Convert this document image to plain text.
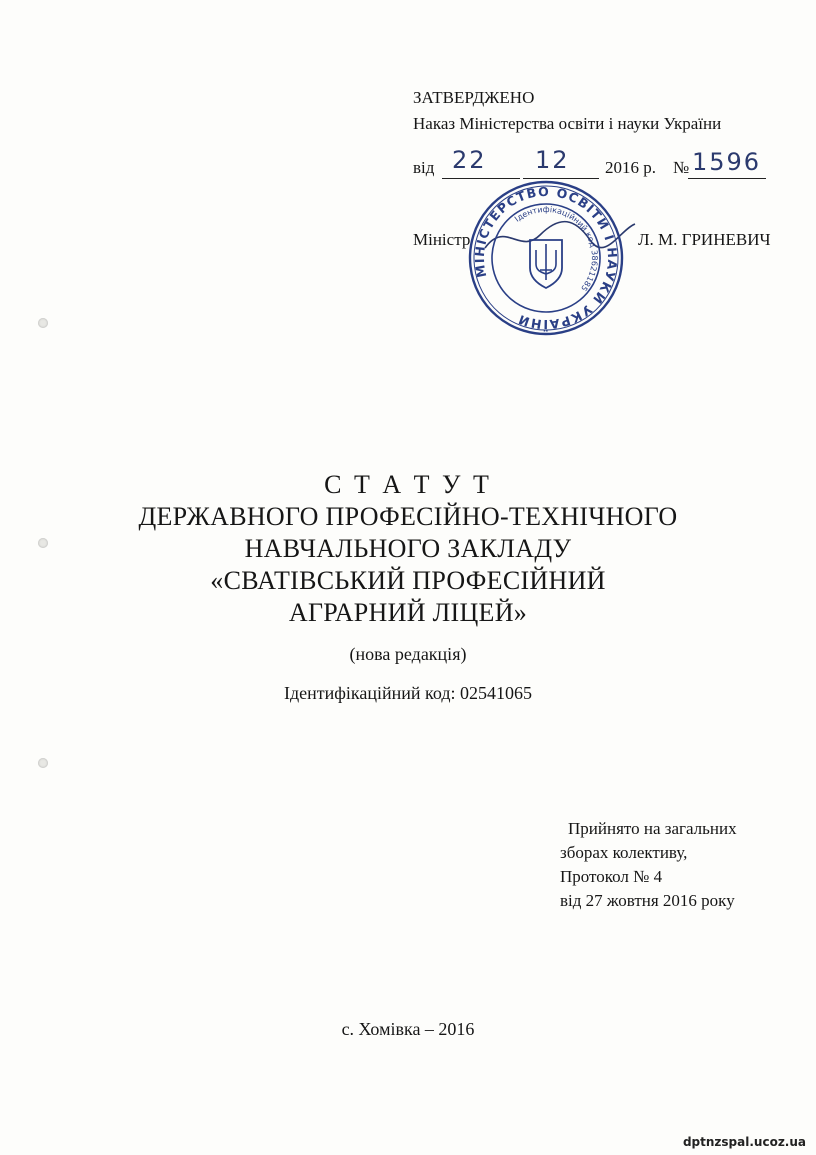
ЗАТВЕРДЖЕНО
Наказ Міністерства освіти і науки України
від 22 12 2016 р. № 1596
Міністр	Л. М. ГРИНЕВИЧ
МІНІСТЕРСТВО ОСВІТИ І НАУКИ УКРАЇНИ
Ідентифікаційний код 38621185
С Т А Т У Т
ДЕРЖАВНОГО ПРОФЕСІЙНО-ТЕХНІЧНОГО
НАВЧАЛЬНОГО ЗАКЛАДУ
«СВАТІВСЬКИЙ ПРОФЕСІЙНИЙ
АГРАРНИЙ ЛІЦЕЙ»
(нова редакція)
Ідентифікаційний код: 02541065
Прийнято на загальних
зборах колективу,
Протокол № 4
від 27 жовтня 2016 року
с. Хомівка – 2016
dptnzspal.ucoz.ua
